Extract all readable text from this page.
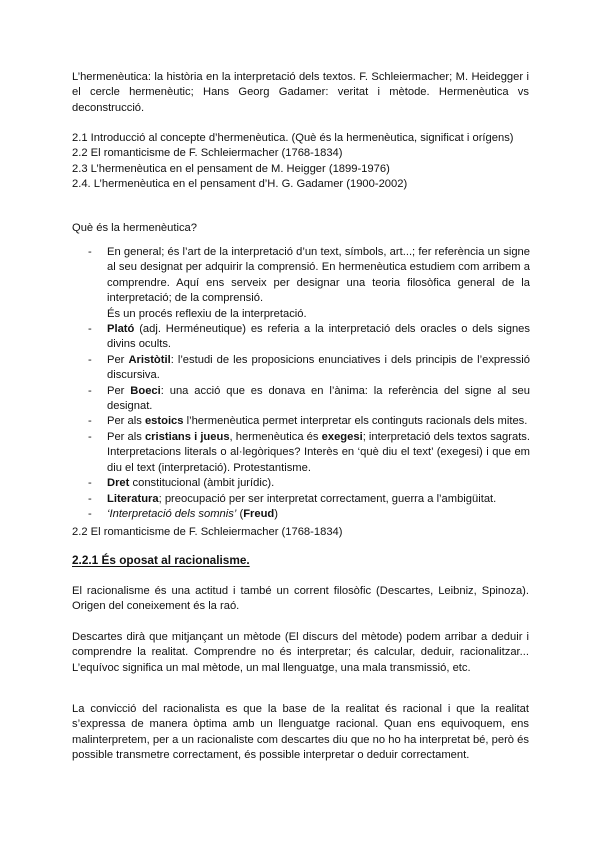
L’hermenèutica: la història en la interpretació dels textos. F. Schleiermacher; M. Heidegger i el cercle hermenèutic; Hans Georg Gadamer: veritat i mètode. Hermenèutica vs deconstrucció.
2.1 Introducció al concepte d’hermenèutica. (Què és la hermenèutica, significat i orígens)
2.2 El romanticisme de F. Schleiermacher (1768-1834)
2.3 L’hermenèutica en el pensament de M. Heigger (1899-1976)
2.4. L’hermenèutica en el pensament d’H. G. Gadamer (1900-2002)
Què és la hermenèutica?
- En general; és l’art de la interpretació d’un text, símbols, art...; fer referència un signe al seu designat per adquirir la comprensió. En hermenèutica estudiem com arribem a comprendre. Aquí ens serveix per designar una teoria filosòfica general de la interpretació; de la comprensió.
És un procés reflexiu de la interpretació.
- Plató (adj. Herméneutique) es referia a la interpretació dels oracles o dels signes divins ocults.
- Per Aristòtil: l’estudi de les proposicions enunciatives i dels principis de l’expressió discursiva.
- Per Boeci: una acció que es donava en l’ànima: la referència del signe al seu designat.
- Per als estoics l’hermenèutica permet interpretar els continguts racionals dels mites.
- Per als cristians i jueus, hermenèutica és exegesi; interpretació dels textos sagrats. Interpretacions literals o al·legòriques? Interès en ‘què diu el text’ (exegesi) i que em diu el text (interpretació). Protestantisme.
- Dret constitucional (àmbit jurídic).
- Literatura; preocupació per ser interpretat correctament, guerra a l’ambigüitat.
- ‘Interpretació dels somnis’ (Freud)
2.2 El romanticisme de F. Schleiermacher (1768-1834)
2.2.1 És oposat al racionalisme.
El racionalisme és una actitud i també un corrent filosòfic (Descartes, Leibniz, Spinoza). Origen del coneixement és la raó.
Descartes dirà que mitjançant un mètode (El discurs del mètode) podem arribar a deduir i comprendre la realitat. Comprendre no és interpretar; és calcular, deduir, racionalitzar... L’equívoc significa un mal mètode, un mal llenguatge, una mala transmissió, etc.
La convicció del racionalista es que la base de la realitat és racional i que la realitat s’expressa de manera òptima amb un llenguatge racional. Quan ens equivoquem, ens malinterpretem, per a un racionaliste com descartes diu que no ho ha interpretat bé, però és possible transmetre correctament, és possible interpretar o deduir correctament.
